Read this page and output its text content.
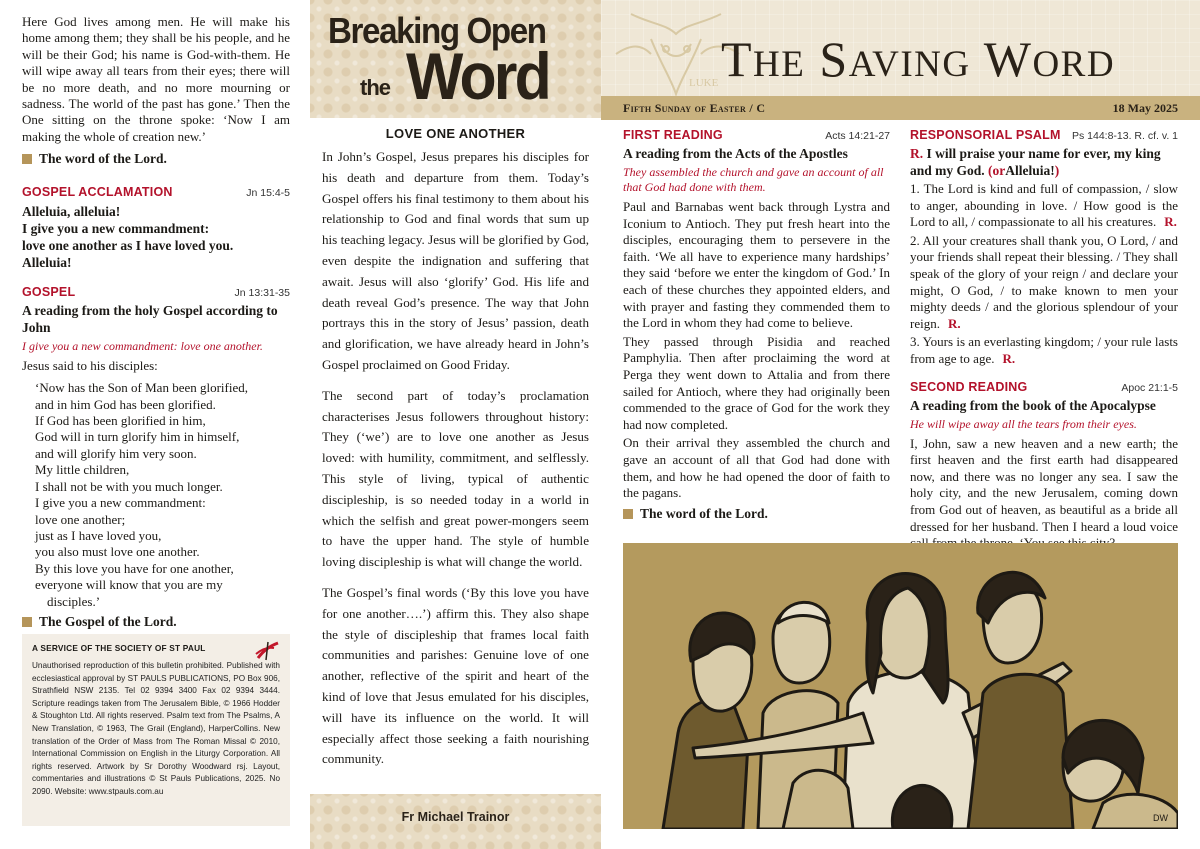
Here God lives among men. He will make his home among them; they shall be his people, and he will be their God; his name is God-with-them. He will wipe away all tears from their eyes; there will be no more death, and no more mourning or sadness. The world of the past has gone.’ Then the One sitting on the throne spoke: ‘Now I am making the whole of creation new.’

The word of the Lord.
GOSPEL ACCLAMATION	Jn 15:4-5
Alleluia, alleluia!
I give you a new commandment:
love one another as I have loved you.
Alleluia!
GOSPEL	Jn 13:31-35
A reading from the holy Gospel according to John
I give you a new commandment: love one another.
Jesus said to his disciples:
‘Now has the Son of Man been glorified,
and in him God has been glorified.
If God has been glorified in him,
God will in turn glorify him in himself,
and will glorify him very soon.
My little children,
I shall not be with you much longer.
I give you a new commandment:
love one another;
just as I have loved you,
you also must love one another.
By this love you have for one another,
everyone will know that you are my
disciples.’
The Gospel of the Lord.
A SERVICE OF THE SOCIETY OF ST PAUL
Unauthorised reproduction of this bulletin prohibited. Published with ecclesiastical approval by ST PAULS PUBLICATIONS, PO Box 906, Strathfield NSW 2135. Tel 02 9394 3400 Fax 02 9394 3444. Scripture readings taken from The Jerusalem Bible, © 1966 Hodder & Stoughton Ltd. All rights reserved. Psalm text from The Psalms, A New Translation, © 1963, The Grail (England), HarperCollins. New translation of the Order of Mass from The Roman Missal © 2010, International Commission on English in the Liturgy Corporation. All rights reserved. Artwork by Sr Dorothy Woodward rsj. Layout, commentaries and illustrations © St Pauls Publications, 2025. No 2090. Website: www.stpauls.com.au
Breaking Open
the Word
LOVE ONE ANOTHER

In John’s Gospel, Jesus prepares his disciples for his death and departure from them. Today’s Gospel offers his final testimony to them about his relationship to God and final words that sum up his teaching legacy. Jesus will be glorified by God, even despite the indignation and suffering that await. Jesus will also ‘glorify’ God. His life and death reveal God’s presence. The way that John portrays this in the story of Jesus’ passion, death and glorification, we have already heard in John’s Gospel proclaimed on Good Friday.

The second part of today’s proclamation characterises Jesus followers throughout history: They (‘we’) are to love one another as Jesus loved: with humility, commitment, and selflessly. This style of living, typical of authentic discipleship, is so needed today in a world in which the selfish and great power-mongers seem to have the upper hand. The style of humble loving discipleship is what will change the world.

The Gospel’s final words (‘By this love you have for one another….’) affirm this. They also shape the style of discipleship that frames local faith communities and parishes: Genuine love of one another, reflective of the spirit and heart of the kind of love that Jesus emulated for his disciples, will have its influence on the world. It will especially affect those seeking a faith nourishing community.

Fr Michael Trainor
LUKE THE SAVING WORD
Fifth Sunday of Easter / C	18 May 2025
FIRST READING	Acts 14:21-27
A reading from the Acts of the Apostles
They assembled the church and gave an account of all that God had done with them.

Paul and Barnabas went back through Lystra and Iconium to Antioch. They put fresh heart into the disciples, encouraging them to persevere in the faith. ‘We all have to experience many hardships’ they said ‘before we enter the kingdom of God.’ In each of these churches they appointed elders, and with prayer and fasting they commended them to the Lord in whom they had come to believe.

They passed through Pisidia and reached Pamphylia. Then after proclaiming the word at Perga they went down to Attalia and from there sailed for Antioch, where they had originally been commended to the grace of God for the work they had now completed.

On their arrival they assembled the church and gave an account of all that God had done with them, and how he had opened the door of faith to the pagans.

The word of the Lord.
RESPONSORIAL PSALM Ps 144:8-13. R. cf. v. 1
R. I will praise your name for ever, my king and my God. (orAlleluia!)

1. The Lord is kind and full of compassion, / slow to anger, abounding in love. / How good is the Lord to all, / compassionate to all his creatures. R.

2. All your creatures shall thank you, O Lord, / and your friends shall repeat their blessing. / They shall speak of the glory of your reign / and declare your might, O God, / to make known to men your mighty deeds / and the glorious splendour of your reign. R.

3. Yours is an everlasting kingdom; / your rule lasts from age to age. R.

SECOND READING	Apoc 21:1-5
A reading from the book of the Apocalypse
He will wipe away all the tears from their eyes.

I, John, saw a new heaven and a new earth; the first heaven and the first earth had disappeared now, and there was no longer any sea. I saw the holy city, and the new Jerusalem, coming down from God out of heaven, as beautiful as a bride all dressed for her husband. Then I heard a loud voice

DW
